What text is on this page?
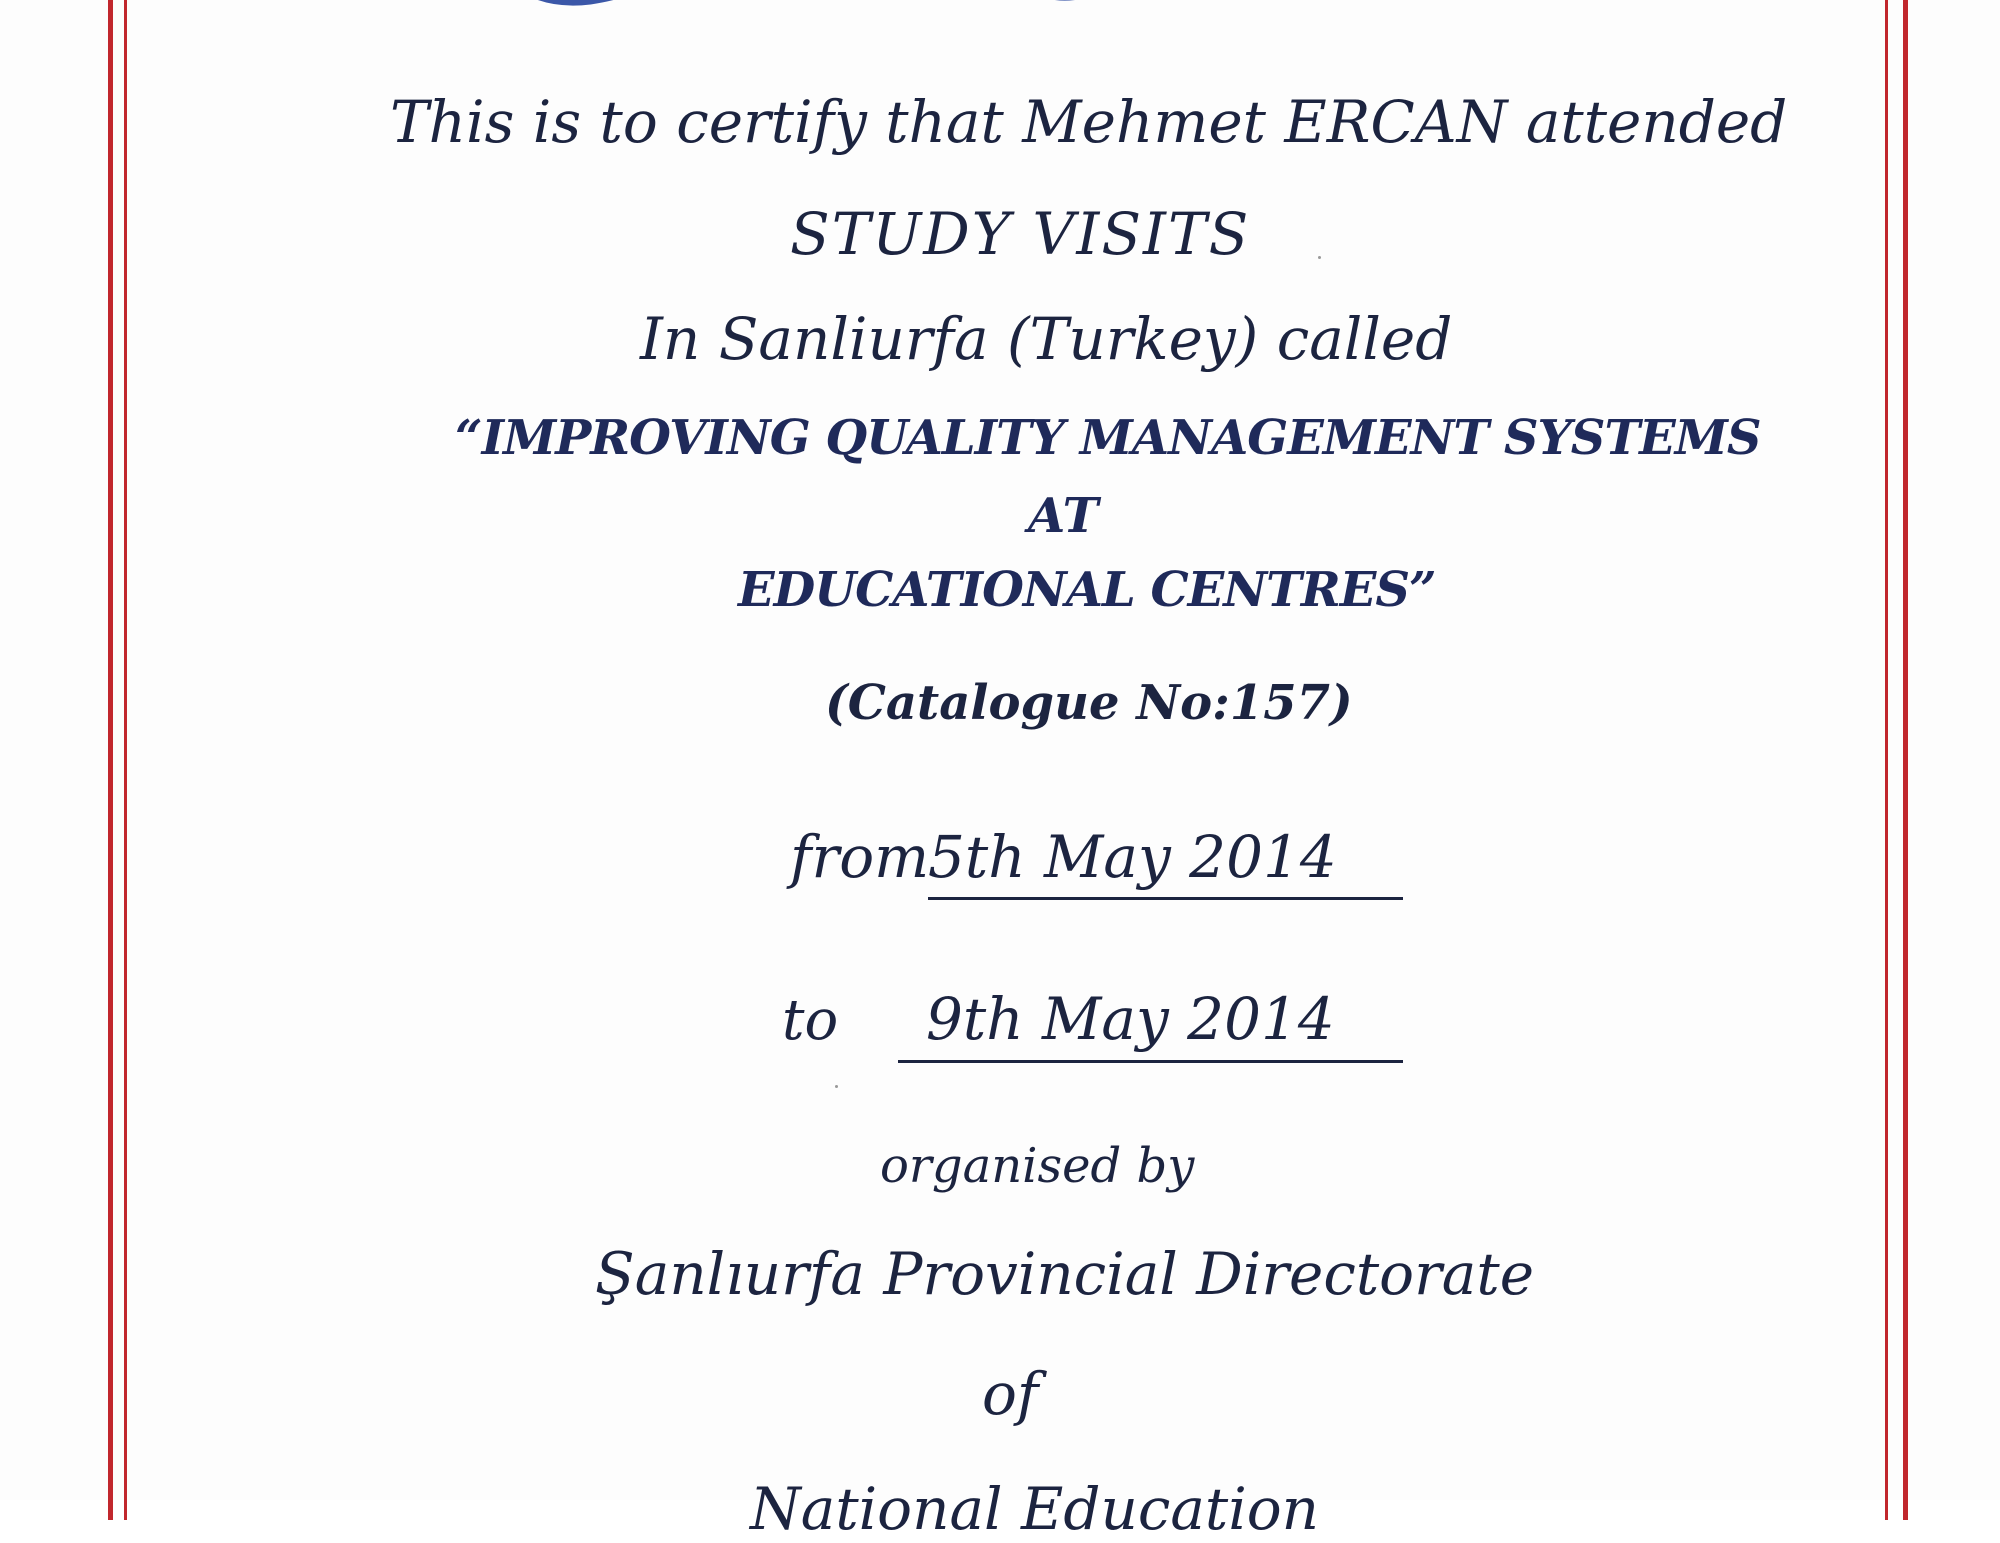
This is to certify that Mehmet ERCAN attended
STUDY VISITS
In Sanliurfa (Turkey) called
“IMPROVING QUALITY MANAGEMENT SYSTEMS
AT
EDUCATIONAL CENTRES”
(Catalogue No:157)
from
5th May 2014
to 9th May 2014
organised by
Şanlıurfa Provincial Directorate
of
National Education
